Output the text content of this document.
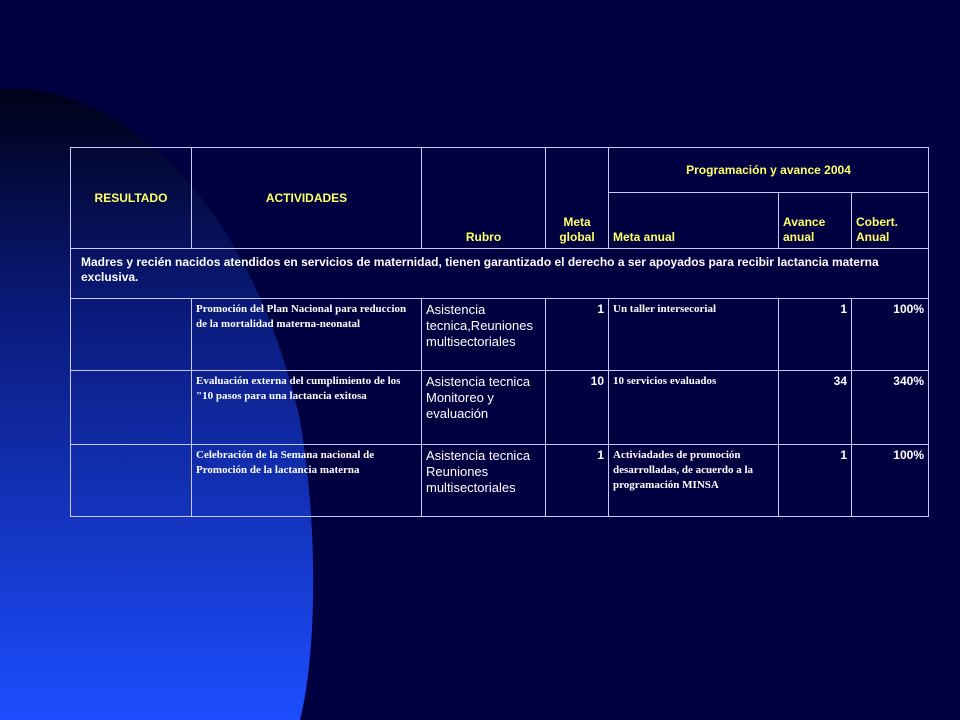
RESULTADO	ACTIVIDADES	Rubro	Meta global	Programación y avance 2004		
				Meta anual	Avance anual	Cobert. Anual
Madres y recién nacidos atendidos en servicios de maternidad, tienen garantizado el derecho a ser apoyados para recibir lactancia materna exclusiva.						
	Promoción del Plan Nacional para reduccion de la mortalidad materna-neonatal	Asistencia tecnica,Reuniones multisectoriales	1	Un taller intersecorial	1	100%
	Evaluación externa del cumplimiento de los "10 pasos para una lactancia exitosa	Asistencia tecnica Monitoreo y evaluación	10	10 servicios evaluados	34	340%
	Celebración de la Semana nacional de Promoción de la lactancia materna	Asistencia tecnica Reuniones multisectoriales	1	Activiadades de promoción desarrolladas, de acuerdo a la programación MINSA	1	100%
